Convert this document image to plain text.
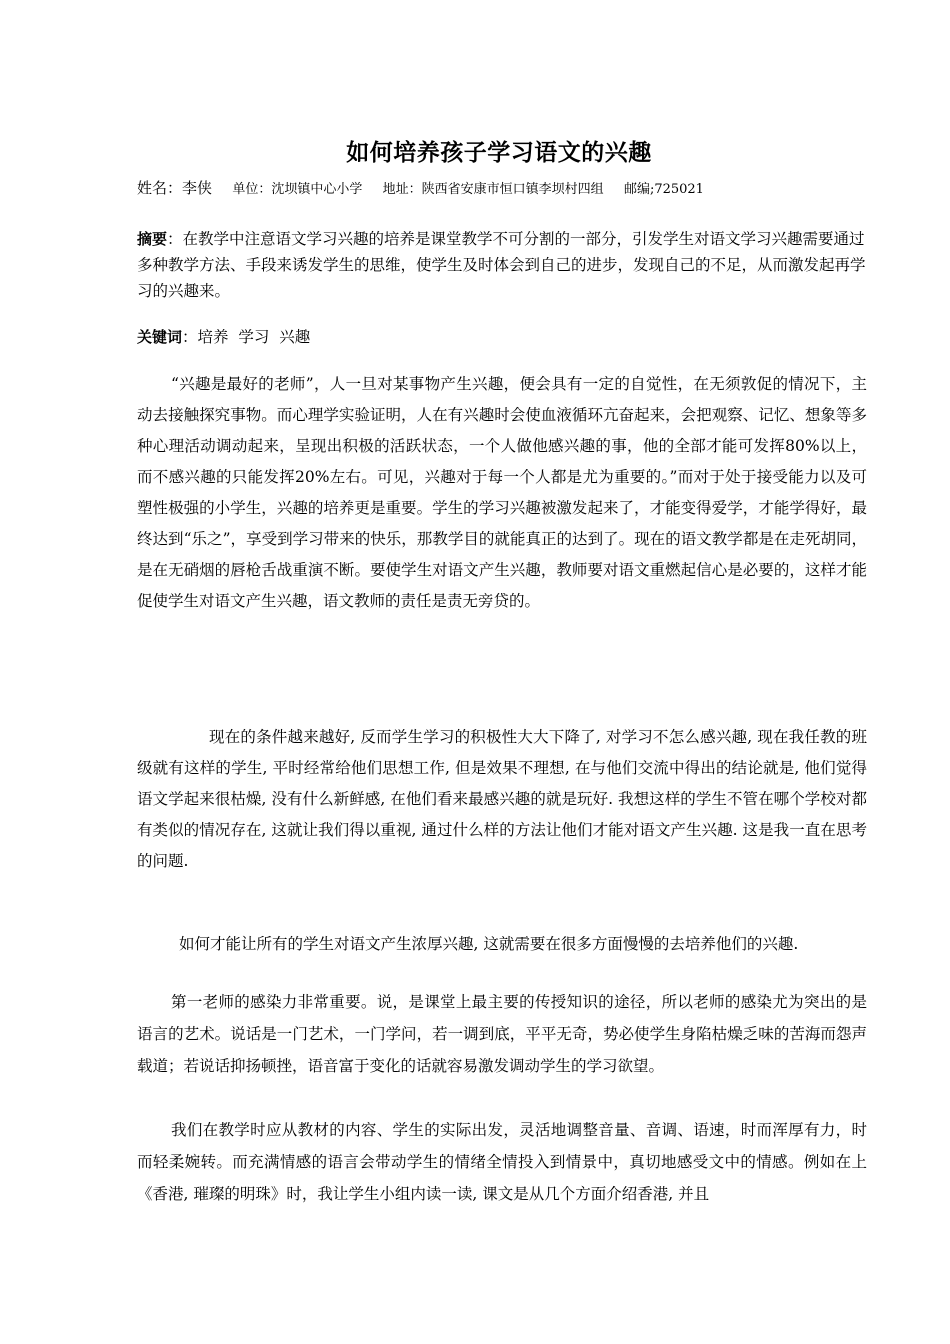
如何培养孩子学习语文的兴趣
姓名：李侠 单位：沈坝镇中心小学 地址：陕西省安康市恒口镇李坝村四组 邮编;725021
摘要：在教学中注意语文学习兴趣的培养是课堂教学不可分割的一部分，引发学生对语文学习兴趣需要通过多种教学方法、手段来诱发学生的思维，使学生及时体会到自己的进步，发现自己的不足，从而激发起再学习的兴趣来。
关键词：培养  学习  兴趣

“兴趣是最好的老师”，人一旦对某事物产生兴趣，便会具有一定的自觉性，在无须敦促的情况下，主动去接触探究事物。而心理学实验证明，人在有兴趣时会使血液循环亢奋起来，会把观察、记忆、想象等多种心理活动调动起来，呈现出积极的活跃状态，一个人做他感兴趣的事，他的全部才能可发挥80%以上，而不感兴趣的只能发挥20%左右。可见，兴趣对于每一个人都是尤为重要的。”而对于处于接受能力以及可塑性极强的小学生，兴趣的培养更是重要。学生的学习兴趣被激发起来了，才能变得爱学，才能学得好，最终达到“乐之”，享受到学习带来的快乐，那教学目的就能真正的达到了。现在的语文教学都是在走死胡同，是在无硝烟的唇枪舌战重演不断。要使学生对语文产生兴趣，教师要对语文重燃起信心是必要的，这样才能促使学生对语文产生兴趣，语文教师的责任是责无旁贷的。

现在的条件越来越好, 反而学生学习的积极性大大下降了, 对学习不怎么感兴趣, 现在我任教的班级就有这样的学生, 平时经常给他们思想工作, 但是效果不理想, 在与他们交流中得出的结论就是, 他们觉得语文学起来很枯燥, 没有什么新鲜感, 在他们看来最感兴趣的就是玩好. 我想这样的学生不管在哪个学校对都有类似的情况存在, 这就让我们得以重视, 通过什么样的方法让他们才能对语文产生兴趣. 这是我一直在思考的问题.

如何才能让所有的学生对语文产生浓厚兴趣, 这就需要在很多方面慢慢的去培养他们的兴趣.

第一老师的感染力非常重要。说，是课堂上最主要的传授知识的途径，所以老师的感染尤为突出的是语言的艺术。说话是一门艺术，一门学问，若一调到底，平平无奇，势必使学生身陷枯燥乏味的苦海而怨声载道；若说话抑扬顿挫，语音富于变化的话就容易激发调动学生的学习欲望。

我们在教学时应从教材的内容、学生的实际出发，灵活地调整音量、音调、语速，时而浑厚有力，时而轻柔婉转。而充满情感的语言会带动学生的情绪全情投入到情景中，真切地感受文中的情感。例如在上《香港, 璀璨的明珠》时，我让学生小组内读一读, 课文是从几个方面介绍香港, 并且
